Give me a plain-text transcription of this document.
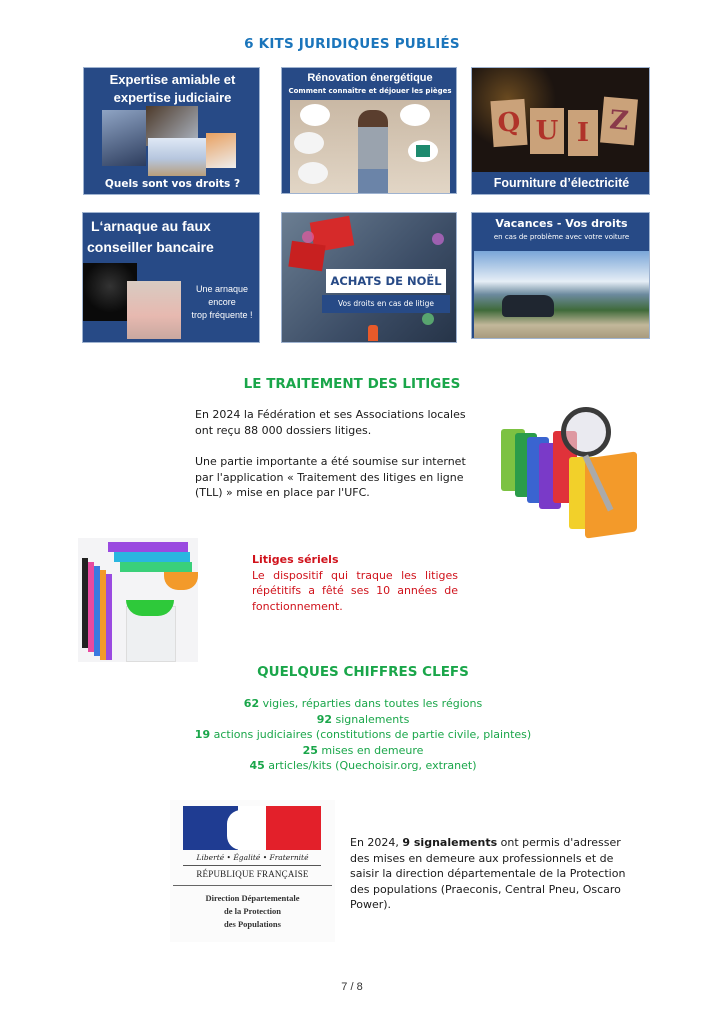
6 KITS JURIDIQUES PUBLIÉS
Expertise amiable et
expertise judiciaire
Quels sont vos droits ?
Rénovation énergétique
Comment connaître et déjouer les pièges
Q U I Z
Fourniture d’électricité
L‘arnaque au faux
conseiller bancaire
Une arnaque
encore
trop fréquente !
ACHATS DE NOËL
Vos droits en cas de litige
Vacances - Vos droits
en cas de problème avec votre voiture
LE TRAITEMENT DES LITIGES
En 2024 la Fédération et ses Associations locales ont reçu 88 000 dossiers litiges.
Une partie importante a été soumise sur internet par l'application « Traitement des litiges en ligne (TLL) » mise en place par l'UFC.
Litiges sériels
Le dispositif qui traque les litiges répétitifs a fêté ses 10 années de fonctionnement.
QUELQUES CHIFFRES CLEFS
62 vigies, réparties dans toutes les régions
92 signalements
19 actions judiciaires (constitutions de partie civile, plaintes)
25 mises en demeure
45 articles/kits (Quechoisir.org, extranet)
Liberté • Égalité • Fraternité
RÉPUBLIQUE FRANÇAISE
Direction Départementale
de la Protection
des Populations
En 2024, 9 signalements ont permis d'adresser des mises en demeure aux professionnels et de saisir la direction départementale de la Protection des populations (Praeconis, Central Pneu, Oscaro Power).
7 / 8
